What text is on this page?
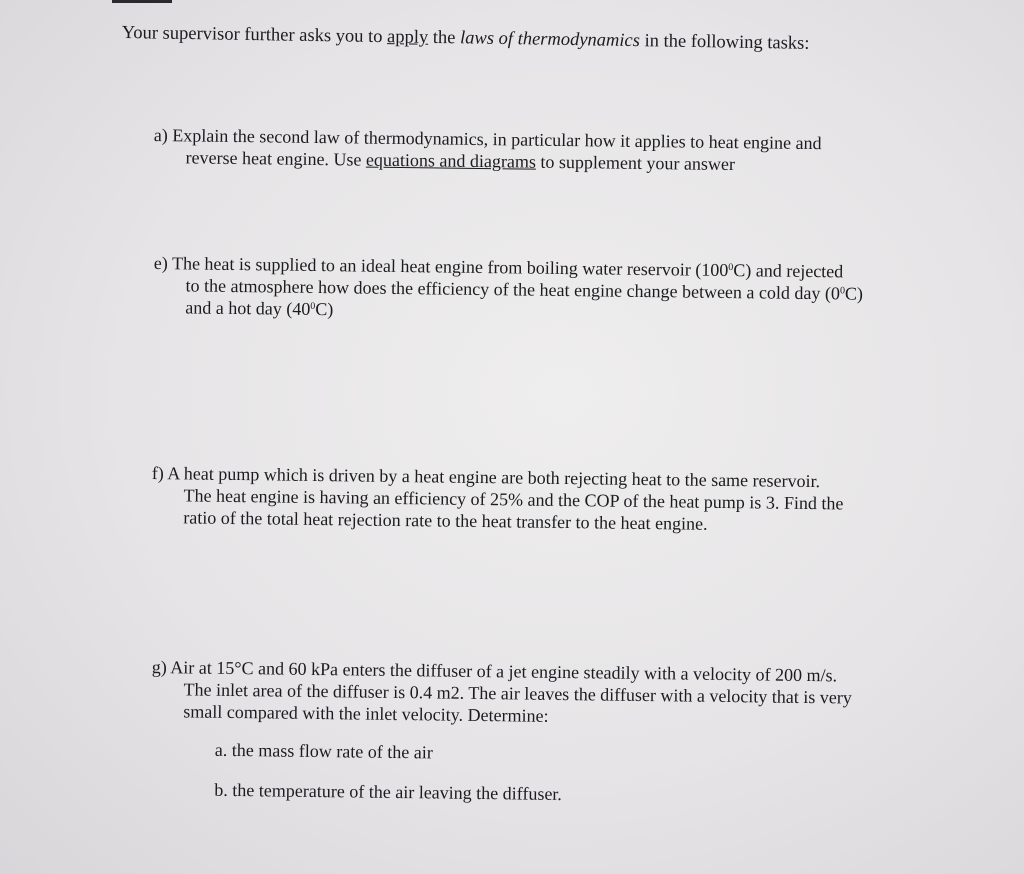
Your supervisor further asks you to apply the laws of thermodynamics in the following tasks:
a) Explain the second law of thermodynamics, in particular how it applies to heat engine and
reverse heat engine. Use equations and diagrams to supplement your answer
e) The heat is supplied to an ideal heat engine from boiling water reservoir $(100^0C)$ and rejected
to the atmosphere how does the efficiency of the heat engine change between a cold day $(0^0C)$
and a hot day $(40^0C)$
f) A heat pump which is driven by a heat engine are both rejecting heat to the same reservoir.
The heat engine is having an efficiency of 25% and the COP of the heat pump is 3. Find the
ratio of the total heat rejection rate to the heat transfer to the heat engine.
g) Air at 15°C and 60 kPa enters the diffuser of a jet engine steadily with a velocity of 200 m/s.
The inlet area of the diffuser is 0.4 m2. The air leaves the diffuser with a velocity that is very
small compared with the inlet velocity. Determine:
a. the mass flow rate of the air
b. the temperature of the air leaving the diffuser.
